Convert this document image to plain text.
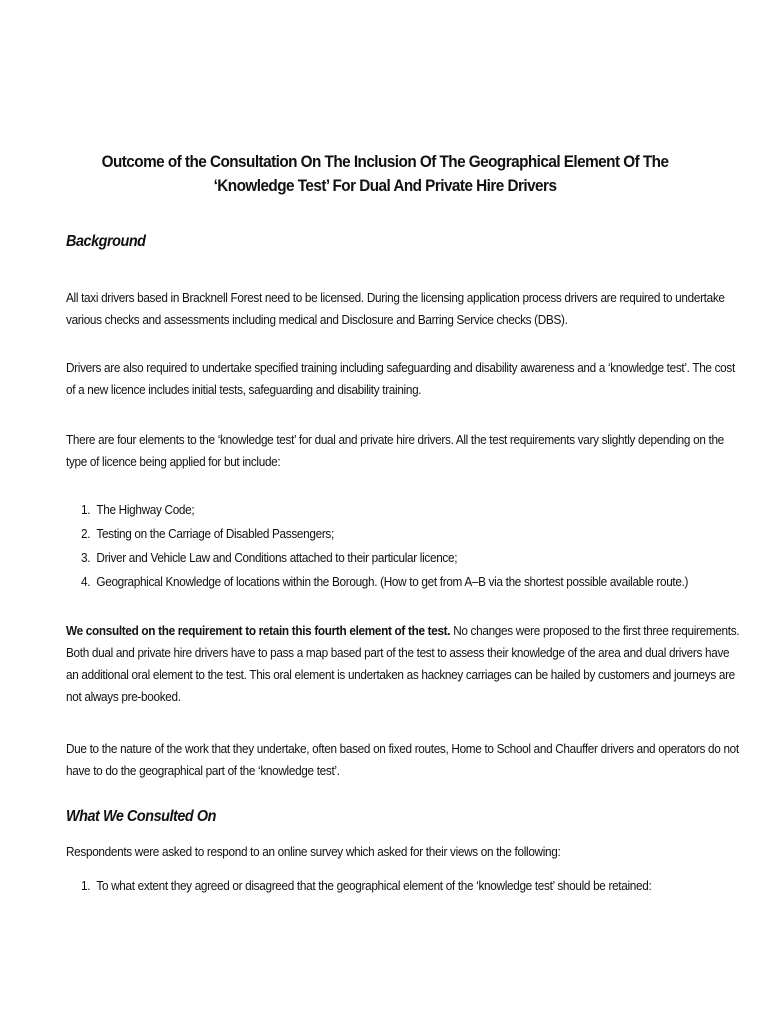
Outcome of the Consultation On The Inclusion Of The Geographical Element Of The
‘Knowledge Test’ For Dual And Private Hire Drivers
Background
All taxi drivers based in Bracknell Forest need to be licensed. During the licensing application process drivers are required to undertake
various checks and assessments including medical and Disclosure and Barring Service checks (DBS).
Drivers are also required to undertake specified training including safeguarding and disability awareness and a ‘knowledge test’. The cost
of a new licence includes initial tests, safeguarding and disability training.
There are four elements to the ‘knowledge test’ for dual and private hire drivers. All the test requirements vary slightly depending on the
type of licence being applied for but include:
1. The Highway Code;
2. Testing on the Carriage of Disabled Passengers;
3. Driver and Vehicle Law and Conditions attached to their particular licence;
4. Geographical Knowledge of locations within the Borough. (How to get from A–B via the shortest possible available route.)
We consulted on the requirement to retain this fourth element of the test. No changes were proposed to the first three requirements.
Both dual and private hire drivers have to pass a map based part of the test to assess their knowledge of the area and dual drivers have
an additional oral element to the test. This oral element is undertaken as hackney carriages can be hailed by customers and journeys are
not always pre-booked.
Due to the nature of the work that they undertake, often based on fixed routes, Home to School and Chauffer drivers and operators do not
have to do the geographical part of the ‘knowledge test’.
What We Consulted On
Respondents were asked to respond to an online survey which asked for their views on the following:
1. To what extent they agreed or disagreed that the geographical element of the ‘knowledge test’ should be retained:
